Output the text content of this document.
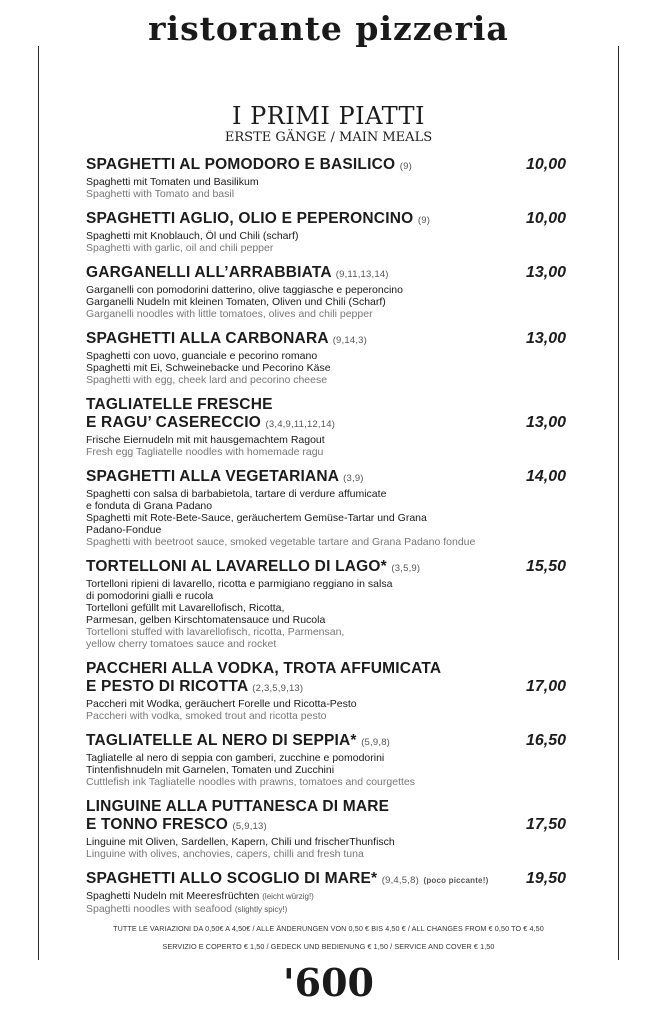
ristorante pizzeria
I PRIMI PIATTI
ERSTE GÄNGE / MAIN MEALS
SPAGHETTI AL POMODORO E BASILICO (9)	10,00
Spaghetti mit Tomaten und Basilikum
Spaghetti with Tomato and basil
SPAGHETTI AGLIO, OLIO E PEPERONCINO (9)	10,00
Spaghetti mit Knoblauch, Öl und Chili (scharf)
Spaghetti with garlic, oil and chili pepper
GARGANELLI ALL’ARRABBIATA (9,11,13,14)	13,00
Garganelli con pomodorini datterino, olive taggiasche e peperoncino
Garganelli Nudeln mit kleinen Tomaten, Oliven und Chili (Scharf)
Garganelli noodles with little tomatoes, olives and chili pepper
SPAGHETTI ALLA CARBONARA (9,14,3)	13,00
Spaghetti con uovo, guanciale e pecorino romano
Spaghetti mit Ei, Schweinebacke und Pecorino Käse
Spaghetti with egg, cheek lard and pecorino cheese
TAGLIATELLE FRESCHE
E RAGU’ CASERECCIO (3,4,9,11,12,14)	13,00
Frische Eiernudeln mit mit hausgemachtem Ragout
Fresh egg Tagliatelle noodles with homemade ragu
SPAGHETTI ALLA VEGETARIANA (3,9)	14,00
Spaghetti con salsa di barbabietola, tartare di verdure affumicate
e fonduta di Grana Padano
Spaghetti mit Rote-Bete-Sauce, geräuchertem Gemüse-Tartar und Grana
Padano-Fondue
Spaghetti with beetroot sauce, smoked vegetable tartare and Grana Padano fondue
TORTELLONI AL LAVARELLO DI LAGO* (3,5,9)	15,50
Tortelloni ripieni di lavarello, ricotta e parmigiano reggiano in salsa
di pomodorini gialli e rucola
Tortelloni gefüllt mit Lavarellofisch, Ricotta,
Parmesan, gelben Kirschtomatensauce und Rucola
Tortelloni stuffed with lavarellofisch, ricotta, Parmensan,
yellow cherry tomatoes sauce and rocket
PACCHERI ALLA VODKA, TROTA AFFUMICATA
E PESTO DI RICOTTA (2,3,5,9,13)	17,00
Paccheri mit Wodka, geräuchert Forelle und Ricotta-Pesto
Paccheri with vodka, smoked trout and ricotta pesto
TAGLIATELLE AL NERO DI SEPPIA* (5,9,8)	16,50
Tagliatelle al nero di seppia con gamberi, zucchine e pomodorini
Tintenfishnudeln mit Garnelen, Tomaten und Zucchini
Cuttlefish ink Tagliatelle noodles with prawns, tomatoes and courgettes
LINGUINE ALLA PUTTANESCA DI MARE
E TONNO FRESCO (5,9,13)	17,50
Linguine mit Oliven, Sardellen, Kapern, Chili und frischerThunfisch
Linguine with olives, anchovies, capers, chilli and fresh tuna
SPAGHETTI ALLO SCOGLIO DI MARE* (9,4,5,8) (poco piccante!)	19,50
Spaghetti Nudeln mit Meeresfrüchten (leicht würzig!)
Spaghetti noodles with seafood (slightly spicy!)
TUTTE LE VARIAZIONI DA 0,50€ A 4,50€ / ALLE ÄNDERUNGEN VON 0,50 € BIS 4,50 € / ALL CHANGES FROM € 0,50 TO € 4,50
SERVIZIO E COPERTO € 1,50 / GEDECK UND BEDIENUNG € 1,50 / SERVICE AND COVER € 1,50
'600
